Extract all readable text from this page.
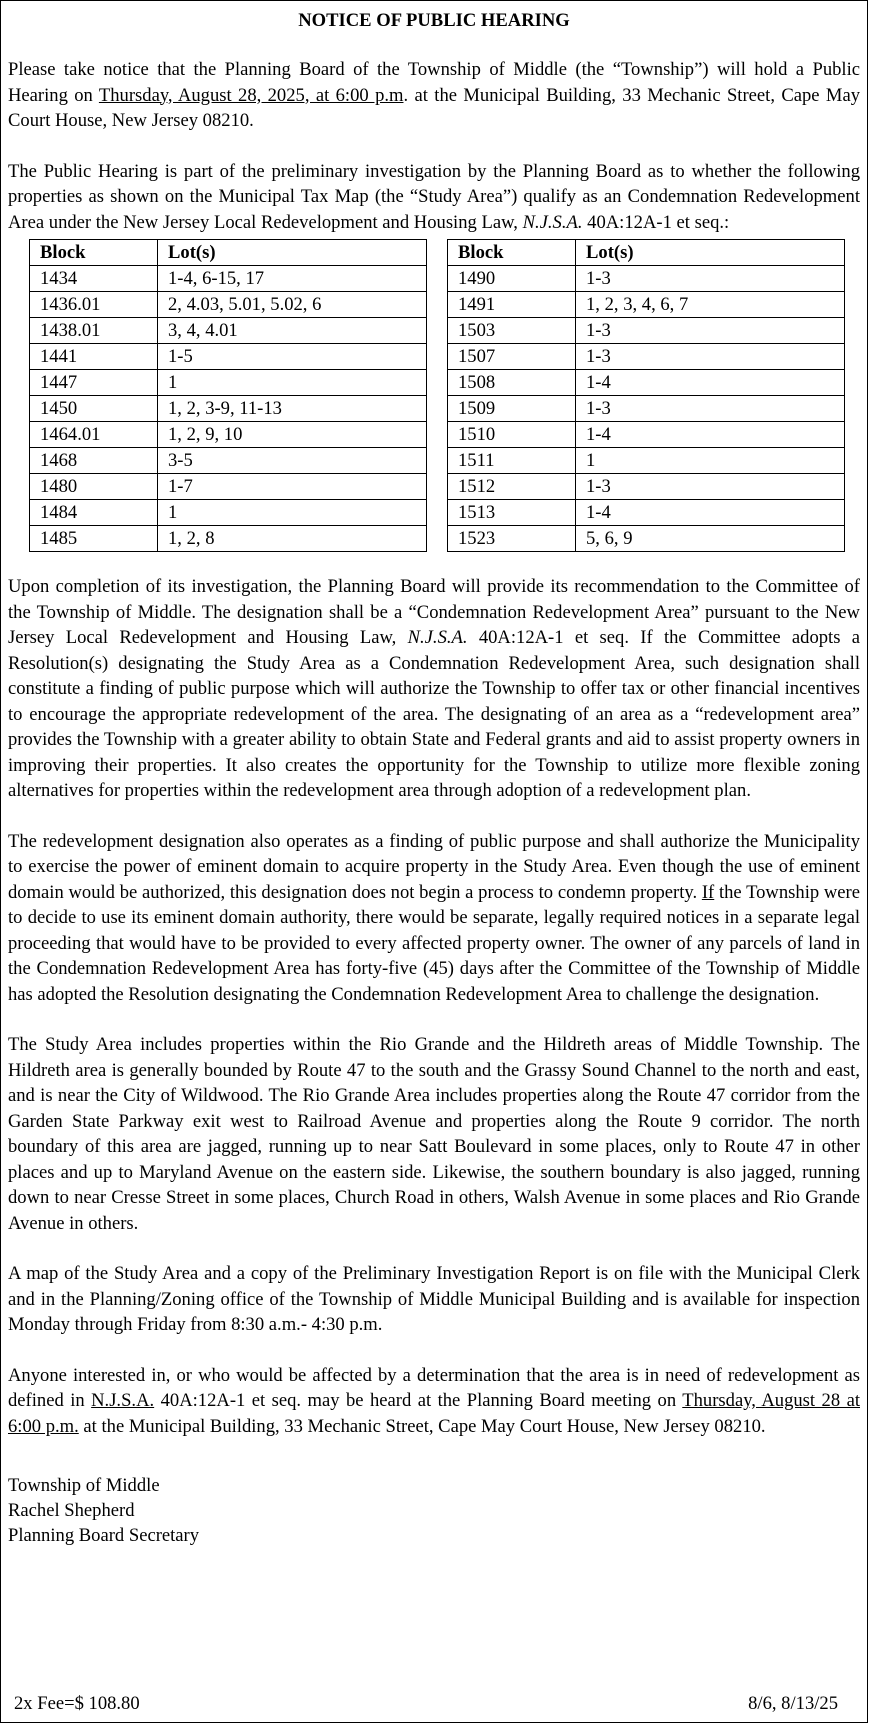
NOTICE OF PUBLIC HEARING

Please take notice that the Planning Board of the Township of Middle (the “Township”) will hold a Public Hearing on Thursday, August 28, 2025, at 6:00 p.m. at the Municipal Building, 33 Mechanic Street, Cape May Court House, New Jersey 08210.

The Public Hearing is part of the preliminary investigation by the Planning Board as to whether the following properties as shown on the Municipal Tax Map (the “Study Area”) qualify as an Condemnation Redevelopment Area under the New Jersey Local Redevelopment and Housing Law, N.J.S.A. 40A:12A-1 et seq.:

Block	Lot(s)
1434	1-4, 6-15, 17
1436.01	2, 4.03, 5.01, 5.02, 6
1438.01	3, 4, 4.01
1441	1-5
1447	1
1450	1, 2, 3-9, 11-13
1464.01	1, 2, 9, 10
1468	3-5
1480	1-7
1484	1
1485	1, 2, 8
Block	Lot(s)
1490	1-3
1491	1, 2, 3, 4, 6, 7
1503	1-3
1507	1-3
1508	1-4
1509	1-3
1510	1-4
1511	1
1512	1-3
1513	1-4
1523	5, 6, 9

Upon completion of its investigation, the Planning Board will provide its recommendation to the Committee of the Township of Middle. The designation shall be a “Condemnation Redevelopment Area” pursuant to the New Jersey Local Redevelopment and Housing Law, N.J.S.A. 40A:12A-1 et seq. If the Committee adopts a Resolution(s) designating the Study Area as a Condemnation Redevelopment Area, such designation shall constitute a finding of public purpose which will authorize the Township to offer tax or other financial incentives to encourage the appropriate redevelopment of the area. The designating of an area as a “redevelopment area” provides the Township with a greater ability to obtain State and Federal grants and aid to assist property owners in improving their properties. It also creates the opportunity for the Township to utilize more flexible zoning alternatives for properties within the redevelopment area through adoption of a redevelopment plan.

The redevelopment designation also operates as a finding of public purpose and shall authorize the Municipality to exercise the power of eminent domain to acquire property in the Study Area. Even though the use of eminent domain would be authorized, this designation does not begin a process to condemn property. If the Township were to decide to use its eminent domain authority, there would be separate, legally required notices in a separate legal proceeding that would have to be provided to every affected property owner. The owner of any parcels of land in the Condemnation Redevelopment Area has forty-five (45) days after the Committee of the Township of Middle has adopted the Resolution designating the Condemnation Redevelopment Area to challenge the designation.

The Study Area includes properties within the Rio Grande and the Hildreth areas of Middle Township. The Hildreth area is generally bounded by Route 47 to the south and the Grassy Sound Channel to the north and east, and is near the City of Wildwood. The Rio Grande Area includes properties along the Route 47 corridor from the Garden State Parkway exit west to Railroad Avenue and properties along the Route 9 corridor. The north boundary of this area are jagged, running up to near Satt Boulevard in some places, only to Route 47 in other places and up to Maryland Avenue on the eastern side. Likewise, the southern boundary is also jagged, running down to near Cresse Street in some places, Church Road in others, Walsh Avenue in some places and Rio Grande Avenue in others.

A map of the Study Area and a copy of the Preliminary Investigation Report is on file with the Municipal Clerk and in the Planning/Zoning office of the Township of Middle Municipal Building and is available for inspection Monday through Friday from 8:30 a.m.- 4:30 p.m.

Anyone interested in, or who would be affected by a determination that the area is in need of redevelopment as defined in N.J.S.A. 40A:12A-1 et seq. may be heard at the Planning Board meeting on Thursday, August 28 at 6:00 p.m. at the Municipal Building, 33 Mechanic Street, Cape May Court House, New Jersey 08210.

Township of Middle
Rachel Shepherd
Planning Board Secretary
2x Fee=$ 108.80	8/6, 8/13/25
